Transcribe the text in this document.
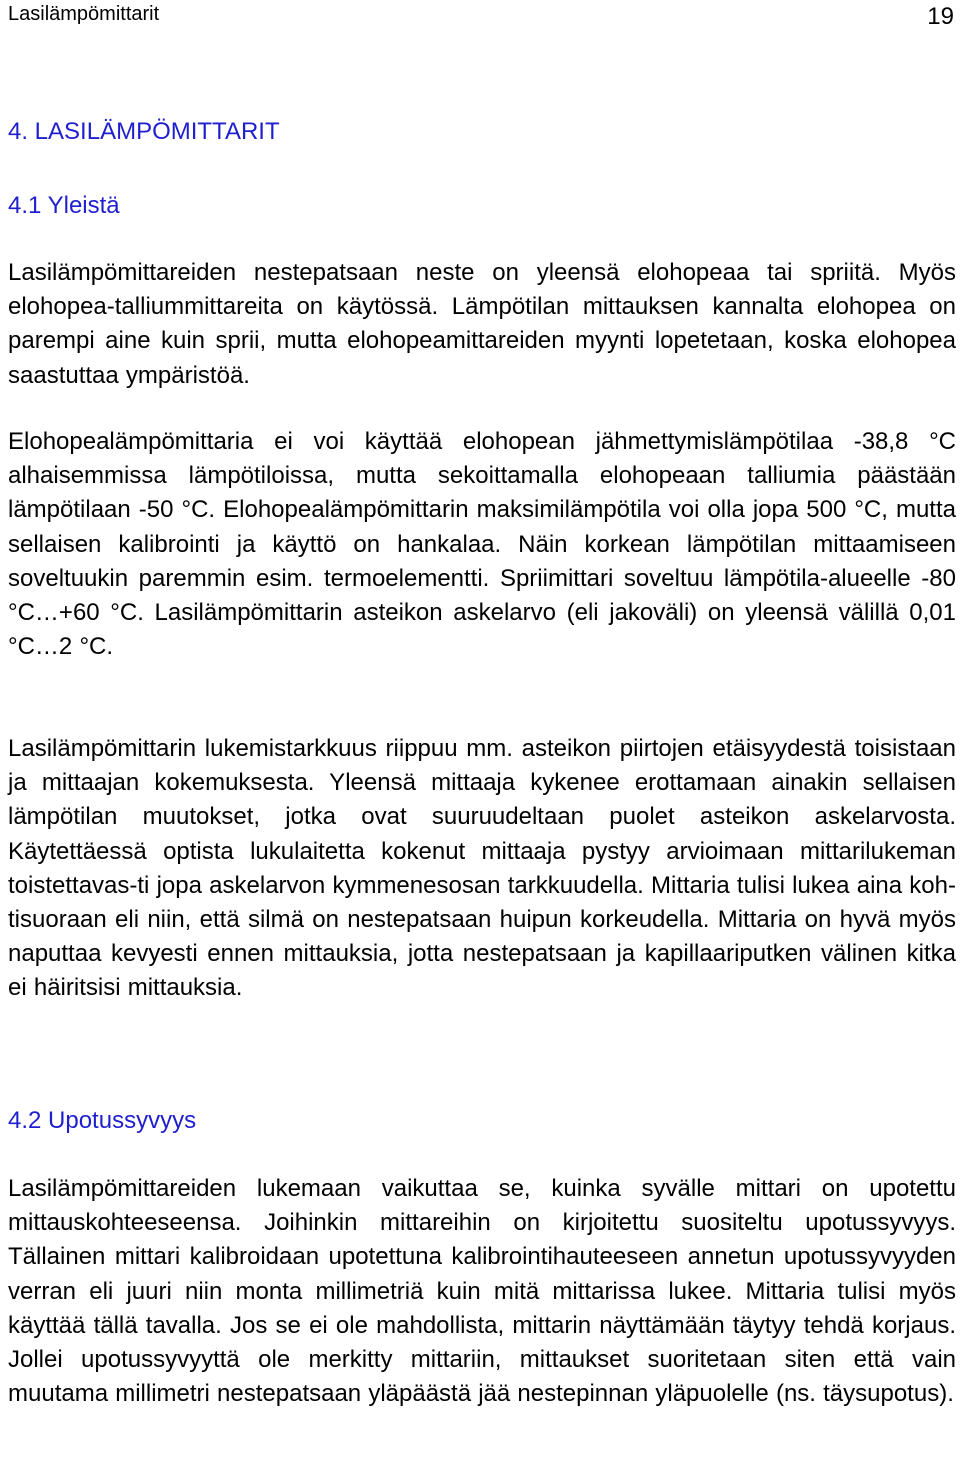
Lasilämpömittarit	19
4. LASILÄMPÖMITTARIT
4.1 Yleistä

Lasilämpömittareiden nestepatsaan neste on yleensä elohopeaa tai spriitä. Myös elohopea-talliummittareita on käytössä. Lämpötilan mittauksen kannalta elohopea on parempi aine kuin sprii, mutta elohopeamittareiden myynti lopetetaan, koska elohopea saastuttaa ympäristöä.

Elohopealämpömittaria ei voi käyttää elohopean jähmettymislämpötilaa -38,8 °C alhaisemmissa lämpötiloissa, mutta sekoittamalla elohopeaan talliumia päästään lämpötilaan -50 °C. Elohopealämpömittarin maksimilämpötila voi olla jopa 500 °C, mutta sellaisen kalibrointi ja käyttö on hankalaa. Näin korkean lämpötilan mittaamiseen soveltuukin paremmin esim. termoelementti. Spriimittari soveltuu lämpötila-alueelle -80 °C…+60 °C. Lasilämpömittarin asteikon askelarvo (eli jakoväli) on yleensä välillä 0,01 °C…2 °C.

Lasilämpömittarin lukemistarkkuus riippuu mm. asteikon piirtojen etäisyydestä toisistaan ja mittaajan kokemuksesta. Yleensä mittaaja kykenee erottamaan ainakin sellaisen lämpötilan muutokset, jotka ovat suuruudeltaan puolet asteikon askelarvosta. Käytettäessä optista lukulaitetta kokenut mittaaja pystyy arvioimaan mittarilukeman toistettavas-ti jopa askelarvon kymmenesosan tarkkuudella. Mittaria tulisi lukea aina kohtisuoraan eli niin, että silmä on nestepatsaan huipun korkeudella. Mittaria on hyvä myös naputtaa kevyesti ennen mittauksia, jotta nestepatsaan ja kapillaariputken välinen kitka ei häiritsisi mittauksia.

4.2 Upotussyvyys

Lasilämpömittareiden lukemaan vaikuttaa se, kuinka syvälle mittari on upotettu mittauskohteeseensa. Joihinkin mittareihin on kirjoitettu suositeltu upotussyvyys. Tällainen mittari kalibroidaan upotettuna kalibrointihauteeseen annetun upotussyvyyden verran eli juuri niin monta millimetriä kuin mitä mittarissa lukee. Mittaria tulisi myös käyttää tällä tavalla. Jos se ei ole mahdollista, mittarin näyttämään täytyy tehdä korjaus. Jollei upotussyvyyttä ole merkitty mittariin, mittaukset suoritetaan siten että vain muutama millimetri nestepatsaan yläpäästä jää nestepinnan yläpuolelle (ns. täysupotus).
